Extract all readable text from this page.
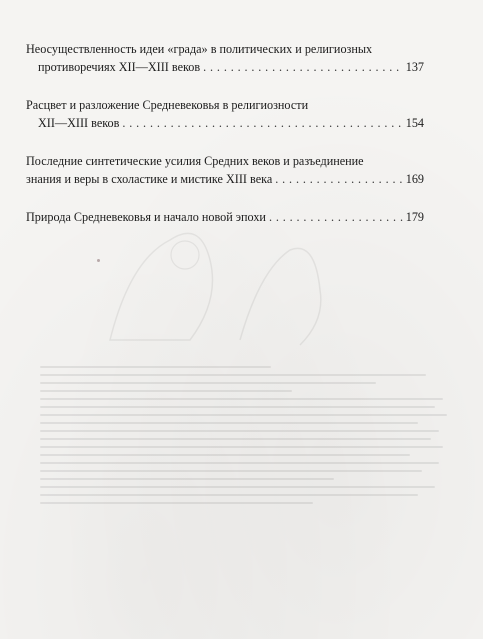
Неосуществленность идеи «града» в политических и религиозных
противоречиях XII—XIII веков . . .	137
Расцвет и разложение Средневековья в религиозности
XII—XIII веков . . .	154
Последние синтетические усилия Средних веков и разъединение
знания и веры в схоластике и мистике XIII века . . .	169
Природа Средневековья и начало новой эпохи . . .	179
